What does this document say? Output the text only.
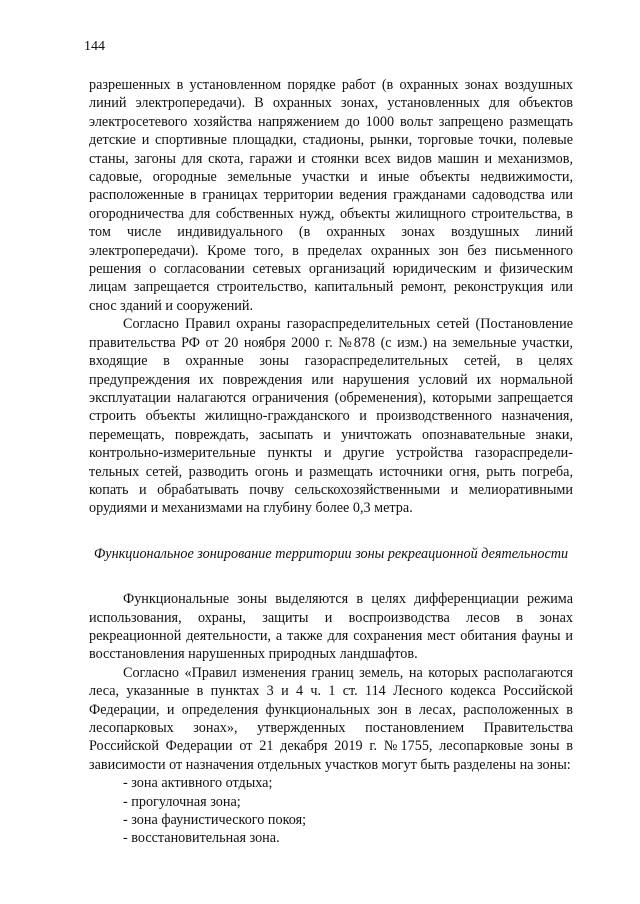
144

разрешенных в установленном порядке работ (в охранных зонах воздушных линий электропередачи). В охранных зонах, установленных для объектов электросетевого хозяйства напряжением до 1000 вольт запрещено размещать детские и спортивные площадки, стадионы, рынки, торговые точки, полевые станы, загоны для скота, гаражи и стоянки всех видов машин и механизмов, садовые, огородные земельные участки и иные объекты недвижимости, расположенные в границах территории ведения гражданами садоводства или огородничества для собственных нужд, объекты жилищного строительства, в том числе индивидуального (в охранных зонах воздушных линий электропередачи). Кроме того, в пределах охранных зон без письменного решения о согласовании сетевых организаций юридическим и физическим лицам запрещается строительство, капитальный ремонт, реконструкция или снос зданий и сооружений.

Согласно Правил охраны газораспределительных сетей (Постановление правительства РФ от 20 ноября 2000 г. №878 (с изм.) на земельные участки, входящие в охранные зоны газораспределительных сетей, в целях предупреждения их повреждения или нарушения условий их нормальной эксплуатации налагаются ограничения (обременения), которыми запрещается строить объекты жилищно-гражданского и производственного назначения, перемещать, повреждать, засыпать и уничтожать опознавательные знаки, контрольно-измерительные пункты и другие устройства газораспредели-тельных сетей, разводить огонь и размещать источники огня, рыть погреба, копать и обрабатывать почву сельскохозяйственными и мелиоративными орудиями и механизмами на глубину более 0,3 метра.

Функциональное зонирование территории зоны рекреационной деятельности

Функциональные зоны выделяются в целях дифференциации режима использования, охраны, защиты и воспроизводства лесов в зонах рекреационной деятельности, а также для сохранения мест обитания фауны и восстановления нарушенных природных ландшафтов.

Согласно «Правил изменения границ земель, на которых располагаются леса, указанные в пунктах 3 и 4 ч. 1 ст. 114 Лесного кодекса Российской Федерации, и определения функциональных зон в лесах, расположенных в лесопарковых зонах», утвержденных постановлением Правительства Российской Федерации от 21 декабря 2019 г. №1755, лесопарковые зоны в зависимости от назначения отдельных участков могут быть разделены на зоны:

- зона активного отдыха;
- прогулочная зона;
- зона фаунистического покоя;
- восстановительная зона.
